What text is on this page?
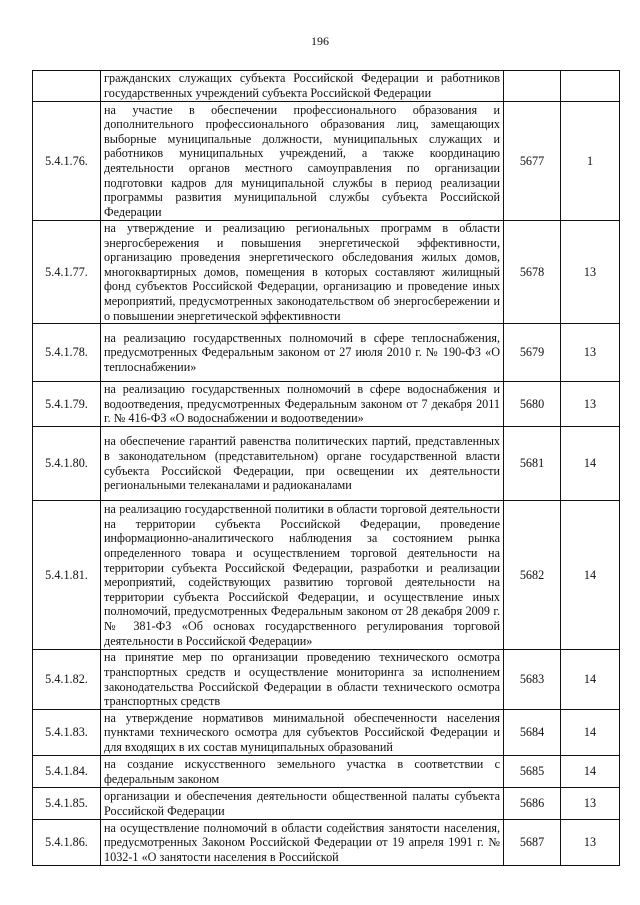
196
	гражданских служащих субъекта Российской Федерации и работников государственных учреждений субъекта Российской Федерации		
5.4.1.76.	на участие в обеспечении профессионального образования и дополнительного профессионального образования лиц, замещающих выборные муниципальные должности, муниципальных служащих и работников муниципальных учреждений, а также координацию деятельности органов местного самоуправления по организации подготовки кадров для муниципальной службы в период реализации программы развития муниципальной службы субъекта Российской Федерации	5677	1
5.4.1.77.	на утверждение и реализацию региональных программ в области энергосбережения и повышения энергетической эффективности, организацию проведения энергетического обследования жилых домов, многоквартирных домов, помещения в которых составляют жилищный фонд субъектов Российской Федерации, организацию и проведение иных мероприятий, предусмотренных законодательством об энергосбережении и о повышении энергетической эффективности	5678	13
5.4.1.78.	на реализацию государственных полномочий в сфере теплоснабжения, предусмотренных Федеральным законом от 27 июля 2010 г. № 190-ФЗ «О теплоснабжении»	5679	13
5.4.1.79.	на реализацию государственных полномочий в сфере водоснабжения и водоотведения, предусмотренных Федеральным законом от 7 декабря 2011 г. № 416-ФЗ «О водоснабжении и водоотведении»	5680	13
5.4.1.80.	на обеспечение гарантий равенства политических партий, представленных в законодательном (представительном) органе государственной власти субъекта Российской Федерации, при освещении их деятельности региональными телеканалами и радиоканалами	5681	14
5.4.1.81.	на реализацию государственной политики в области торговой деятельности на территории субъекта Российской Федерации, проведение информационно-аналитического наблюдения за состоянием рынка определенного товара и осуществлением торговой деятельности на территории субъекта Российской Федерации, разработки и реализации мероприятий, содействующих развитию торговой деятельности на территории субъекта Российской Федерации, и осуществление иных полномочий, предусмотренных Федеральным законом от 28 декабря 2009 г. № 381-ФЗ «Об основах государственного регулирования торговой деятельности в Российской Федерации»	5682	14
5.4.1.82.	на принятие мер по организации проведению технического осмотра транспортных средств и осуществление мониторинга за исполнением законодательства Российской Федерации в области технического осмотра транспортных средств	5683	14
5.4.1.83.	на утверждение нормативов минимальной обеспеченности населения пунктами технического осмотра для субъектов Российской Федерации и для входящих в их состав муниципальных образований	5684	14
5.4.1.84.	на создание искусственного земельного участка в соответствии с федеральным законом	5685	14
5.4.1.85.	организации и обеспечения деятельности общественной палаты субъекта Российской Федерации	5686	13
5.4.1.86.	на осуществление полномочий в области содействия занятости населения, предусмотренных Законом Российской Федерации от 19 апреля 1991 г. № 1032-1 «О занятости населения в Российской	5687	13
